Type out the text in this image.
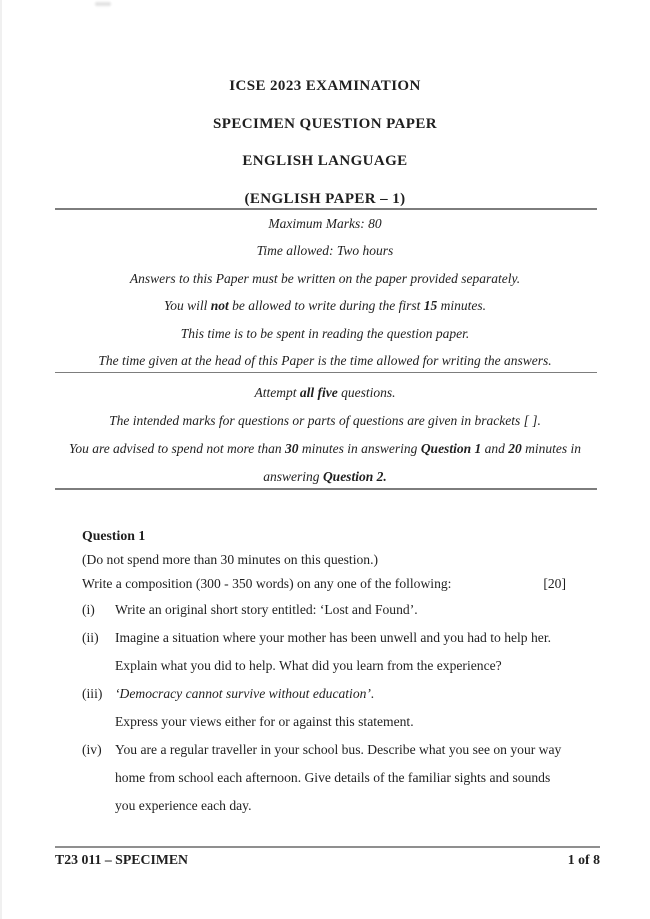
ICSE 2023 EXAMINATION
SPECIMEN QUESTION PAPER
ENGLISH LANGUAGE
(ENGLISH PAPER – 1)

Maximum Marks: 80

Time allowed: Two hours

Answers to this Paper must be written on the paper provided separately.

You will not be allowed to write during the first 15 minutes.

This time is to be spent in reading the question paper.

The time given at the head of this Paper is the time allowed for writing the answers.

Attempt all five questions.

The intended marks for questions or parts of questions are given in brackets [ ].

You are advised to spend not more than 30 minutes in answering Question 1 and 20 minutes in answering Question 2.

Question 1

(Do not spend more than 30 minutes on this question.)

Write a composition (300 - 350 words) on any one of the following:	[20]
(i)	Write an original short story entitled: ‘Lost and Found’.

(ii)	Imagine a situation where your mother has been unwell and you had to help her. Explain what you did to help. What did you learn from the experience?

(iii) ‘Democracy cannot survive without education’.

Express your views either for or against this statement.

(iv) You are a regular traveller in your school bus. Describe what you see on your way home from school each afternoon. Give details of the familiar sights and sounds you experience each day.

T23 011 – SPECIMEN	1 of 8
